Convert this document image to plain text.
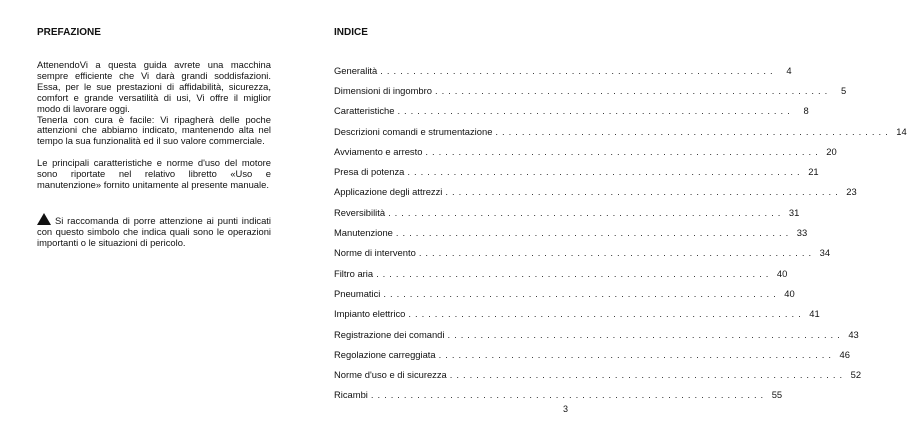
PREFAZIONE

AttenendoVi a questa guida avrete una macchina sempre efficiente che Vi darà grandi soddisfazioni. Essa, per le sue prestazioni di affidabilità, sicurezza, comfort e grande versatilità di usi, Vi offre il miglior modo di lavorare oggi.
Tenerla con cura è facile: Vi ripagherà delle poche attenzioni che abbiamo indicato, mantenendo alta nel tempo la sua funzionalità ed il suo valore commerciale.

Le principali caratteristiche e norme d'uso del motore sono riportate nel relativo libretto «Uso e manutenzione» fornito unitamente al presente manuale.

Si raccomanda di porre attenzione ai punti indicati con questo simbolo che indica quali sono le operazioni importanti o le situazioni di pericolo.

INDICE
Generalità ............................................................	4
Dimensioni di ingombro ............................................................	5
Caratteristiche ............................................................	8
Descrizioni comandi e strumentazione ............................................................ 14
Avviamento e arresto ............................................................ 20
Presa di potenza ............................................................ 21
Applicazione degli attrezzi ............................................................ 23
Reversibilità ............................................................ 31
Manutenzione ............................................................ 33
Norme di intervento ............................................................ 34
Filtro aria ............................................................ 40
Pneumatici ............................................................ 40
Impianto elettrico ............................................................ 41
Registrazione dei comandi ............................................................ 43
Regolazione carreggiata ............................................................ 46
Norme d'uso e di sicurezza ............................................................ 52
Ricambi ............................................................ 55
3
